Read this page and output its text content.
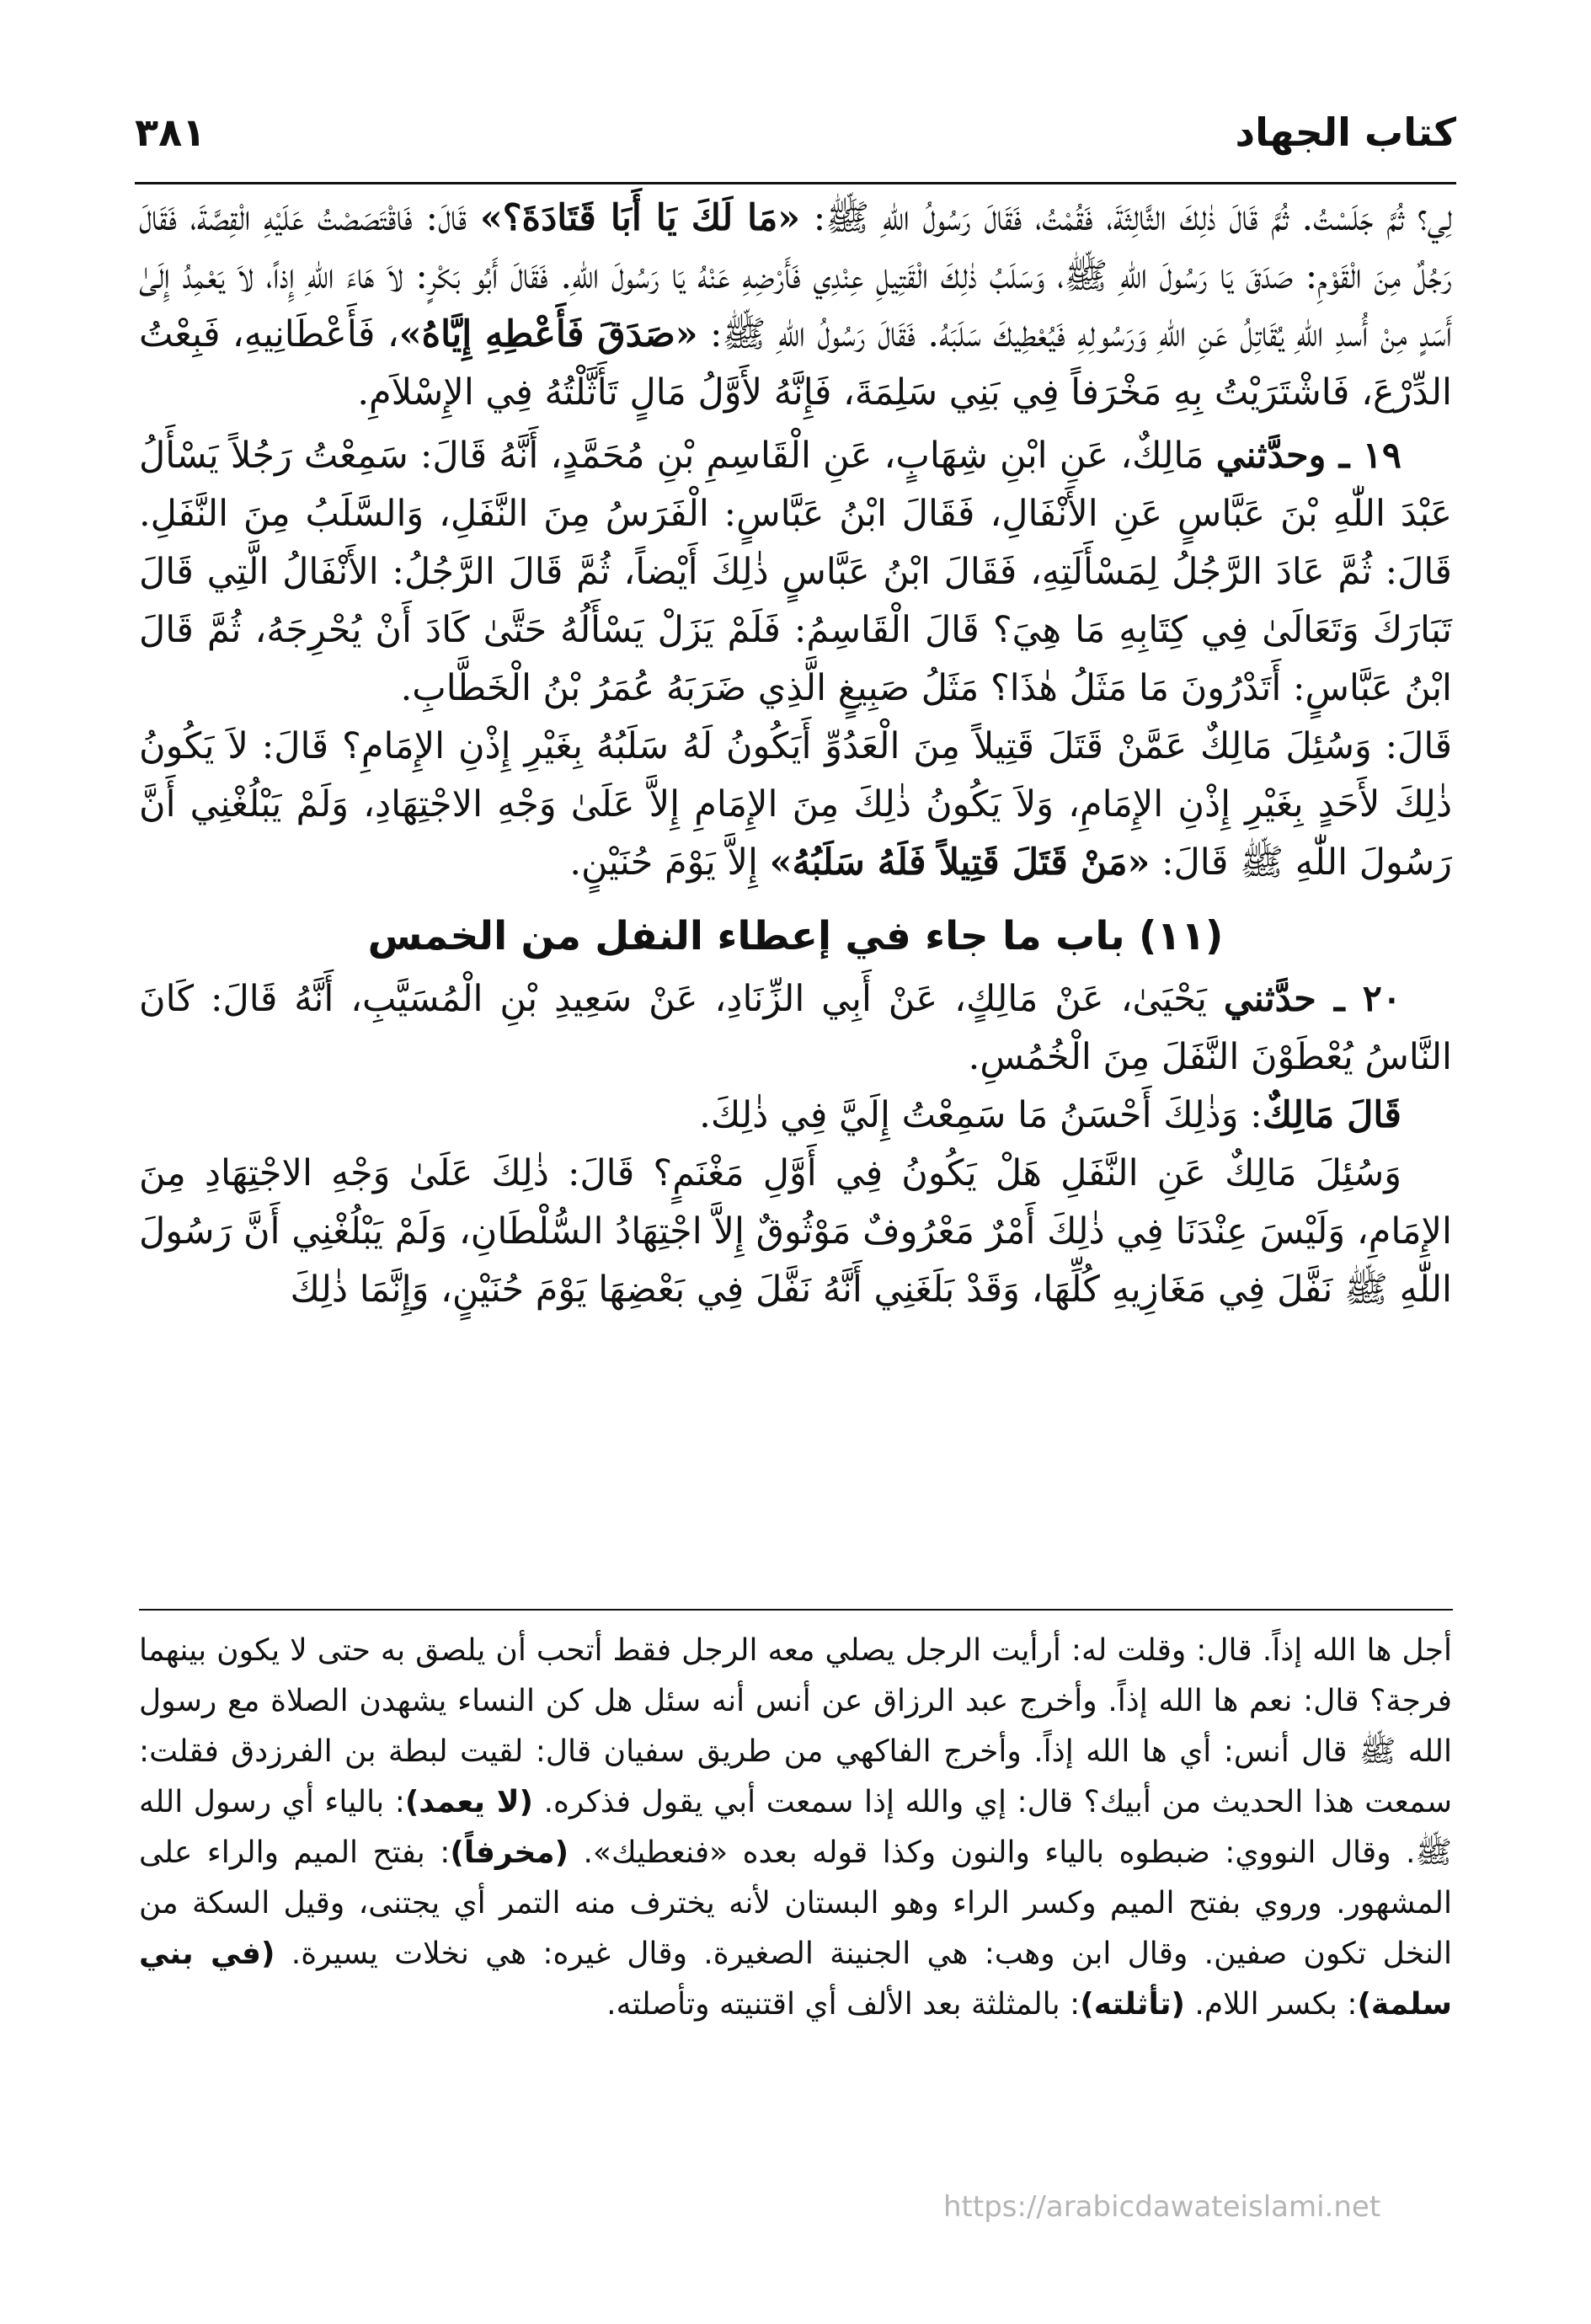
كتاب الجهاد
٣٨١

لِي؟ ثُمَّ جَلَسْتُ. ثُمَّ قَالَ ذٰلِكَ الثَّالِثَةَ، فَقُمْتُ، فَقَالَ رَسُولُ اللّٰهِ ﷺ: «مَا لَكَ يَا أَبَا قَتَادَةَ؟» قَالَ: فَاقْتَصَصْتُ عَلَيْهِ الْقِصَّةَ، فَقَالَ رَجُلٌ مِنَ الْقَوْمِ: صَدَقَ يَا رَسُولَ اللّٰهِ ﷺ، وَسَلَبُ ذٰلِكَ الْقَتِيلِ عِنْدِي فَأَرْضِهِ عَنْهُ يَا رَسُولَ اللّٰهِ. فَقَالَ أَبُو بَكْرٍ: لاَ هَاءَ اللهِ إِذاً، لاَ يَعْمِدُ إِلَىٰ أَسَدٍ مِنْ أُسدِ اللهِ يُقَاتِلُ عَنِ اللهِ وَرَسُولِهِ فَيُعْطِيكَ سَلَبَهُ. فَقَالَ رَسُولُ اللّٰهِ ﷺ: «صَدَقَ فَأَعْطِهِ إِيَّاهُ»، فَأَعْطَانِيهِ، فَبِعْتُ الدِّرْعَ، فَاشْتَرَيْتُ بِهِ مَخْرَفاً فِي بَنِي سَلِمَةَ، فَإِنَّهُ لأَوَّلُ مَالٍ تَأَثَّلْتُهُ فِي الإِسْلاَمِ.

١٩ ـ وحدَّثني مَالِكٌ، عَنِ ابْنِ شِهَابٍ، عَنِ الْقَاسِمِ بْنِ مُحَمَّدٍ، أَنَّهُ قَالَ: سَمِعْتُ رَجُلاً يَسْأَلُ عَبْدَ اللّٰهِ بْنَ عَبَّاسٍ عَنِ الأَنْفَالِ، فَقَالَ ابْنُ عَبَّاسٍ: الْفَرَسُ مِنَ النَّفَلِ، وَالسَّلَبُ مِنَ النَّفَلِ. قَالَ: ثُمَّ عَادَ الرَّجُلُ لِمَسْأَلَتِهِ، فَقَالَ ابْنُ عَبَّاسٍ ذٰلِكَ أَيْضاً، ثُمَّ قَالَ الرَّجُلُ: الأَنْفَالُ الَّتِي قَالَ تَبَارَكَ وَتَعَالَىٰ فِي كِتَابِهِ مَا هِيَ؟ قَالَ الْقَاسِمُ: فَلَمْ يَزَلْ يَسْأَلُهُ حَتَّىٰ كَادَ أَنْ يُحْرِجَهُ، ثُمَّ قَالَ ابْنُ عَبَّاسٍ: أَتَدْرُونَ مَا مَثَلُ هٰذَا؟ مَثَلُ صَبِيغٍ الَّذِي ضَرَبَهُ عُمَرُ بْنُ الْخَطَّابِ.

قَالَ: وَسُئِلَ مَالِكٌ عَمَّنْ قَتَلَ قَتِيلاً مِنَ الْعَدُوِّ أَيَكُونُ لَهُ سَلَبُهُ بِغَيْرِ إِذْنِ الإِمَامِ؟ قَالَ: لاَ يَكُونُ ذٰلِكَ لأَحَدٍ بِغَيْرِ إِذْنِ الإِمَامِ، وَلاَ يَكُونُ ذٰلِكَ مِنَ الإِمَامِ إِلاَّ عَلَىٰ وَجْهِ الاجْتِهَادِ، وَلَمْ يَبْلُغْنِي أَنَّ رَسُولَ اللّٰهِ ﷺ قَالَ: «مَنْ قَتَلَ قَتِيلاً فَلَهُ سَلَبُهُ» إِلاَّ يَوْمَ حُنَيْنٍ.

(١١) باب ما جاء في إعطاء النفل من الخمس

٢٠ ـ حدَّثني يَحْيَىٰ، عَنْ مَالِكٍ، عَنْ أَبِي الزِّنَادِ، عَنْ سَعِيدِ بْنِ الْمُسَيَّبِ، أَنَّهُ قَالَ: كَانَ النَّاسُ يُعْطَوْنَ النَّفَلَ مِنَ الْخُمُسِ.

قَالَ مَالِكٌ: وَذٰلِكَ أَحْسَنُ مَا سَمِعْتُ إِلَيَّ فِي ذٰلِكَ.

وَسُئِلَ مَالِكٌ عَنِ النَّفَلِ هَلْ يَكُونُ فِي أَوَّلِ مَغْنَمٍ؟ قَالَ: ذٰلِكَ عَلَىٰ وَجْهِ الاجْتِهَادِ مِنَ الإِمَامِ، وَلَيْسَ عِنْدَنَا فِي ذٰلِكَ أَمْرٌ مَعْرُوفٌ مَوْثُوقٌ إِلاَّ اجْتِهَادُ السُّلْطَانِ، وَلَمْ يَبْلُغْنِي أَنَّ رَسُولَ اللّٰهِ ﷺ نَفَّلَ فِي مَغَازِيهِ كُلِّهَا، وَقَدْ بَلَغَنِي أَنَّهُ نَفَّلَ فِي بَعْضِهَا يَوْمَ حُنَيْنٍ، وَإِنَّمَا ذٰلِكَ

أجل ها الله إذاً. قال: وقلت له: أرأيت الرجل يصلي معه الرجل فقط أتحب أن يلصق به حتى لا يكون بينهما فرجة؟ قال: نعم ها الله إذاً. وأخرج عبد الرزاق عن أنس أنه سئل هل كن النساء يشهدن الصلاة مع رسول الله ﷺ قال أنس: أي ها الله إذاً. وأخرج الفاكهي من طريق سفيان قال: لقيت لبطة بن الفرزدق فقلت: سمعت هذا الحديث من أبيك؟ قال: إي والله إذا سمعت أبي يقول فذكره. (لا يعمد): بالياء أي رسول الله ﷺ. وقال النووي: ضبطوه بالياء والنون وكذا قوله بعده «فنعطيك». (مخرفاً): بفتح الميم والراء على المشهور. وروي بفتح الميم وكسر الراء وهو البستان لأنه يخترف منه التمر أي يجتنى، وقيل السكة من النخل تكون صفين. وقال ابن وهب: هي الجنينة الصغيرة. وقال غيره: هي نخلات يسيرة. (في بني سلمة): بكسر اللام. (تأثلته): بالمثلثة بعد الألف أي اقتنيته وتأصلته.

https://arabicdawateislami.net
